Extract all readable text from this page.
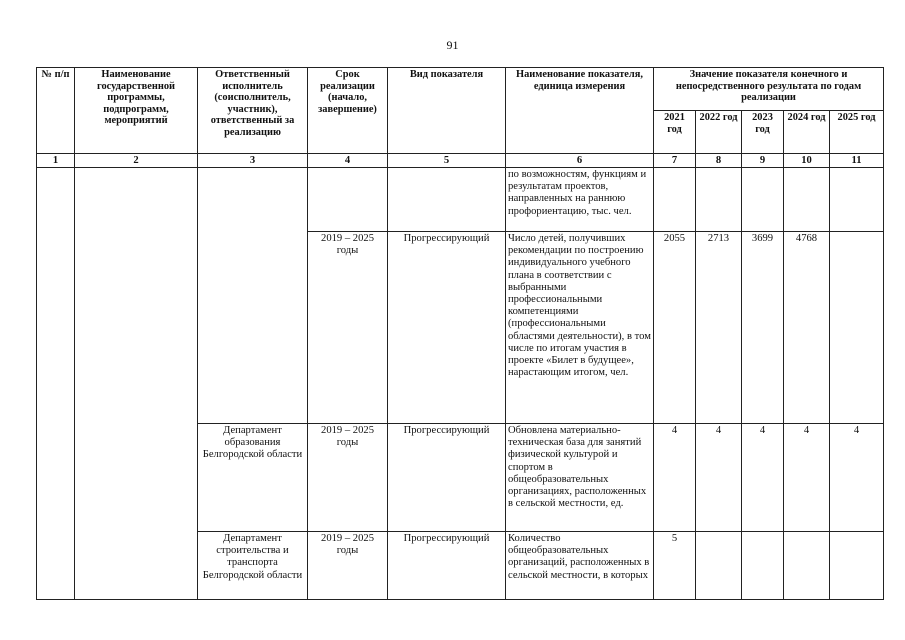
91
№ п/п	Наименование государственной программы, подпрограмм, мероприятий	Ответственный исполнитель (соисполнитель, участник), ответственный за реализацию	Срок реализации (начало, завершение)	Вид показателя	Наименование показателя, единица измерения	Значение показателя конечного и непосредственного результата по годам реализации				
						2021 год	2022 год	2023 год	2024 год	2025 год
1	2	3	4	5	6	7	8	9	10	11
					по возможностям, функциям и результатам проектов, направленных на раннюю профориентацию, тыс. чел.					
			2019 – 2025 годы	Прогрессирующий	Число детей, получивших рекомендации по построению индивидуального учебного плана в соответствии с выбранными профессиональными компетенциями (профессиональными областями деятельности), в том числе по итогам участия в проекте «Билет в будущее», нарастающим итогом, чел.	2055	2713	3699	4768	
		Департамент образования Белгородской области	2019 – 2025 годы	Прогрессирующий	Обновлена материально-техническая база для занятий физической культурой и спортом в общеобразовательных организациях, расположенных в сельской местности, ед.	4	4	4	4	4
		Департамент строительства и транспорта Белгородской области	2019 – 2025 годы	Прогрессирующий	Количество общеобразовательных организаций, расположенных в сельской местности, в которых	5				
